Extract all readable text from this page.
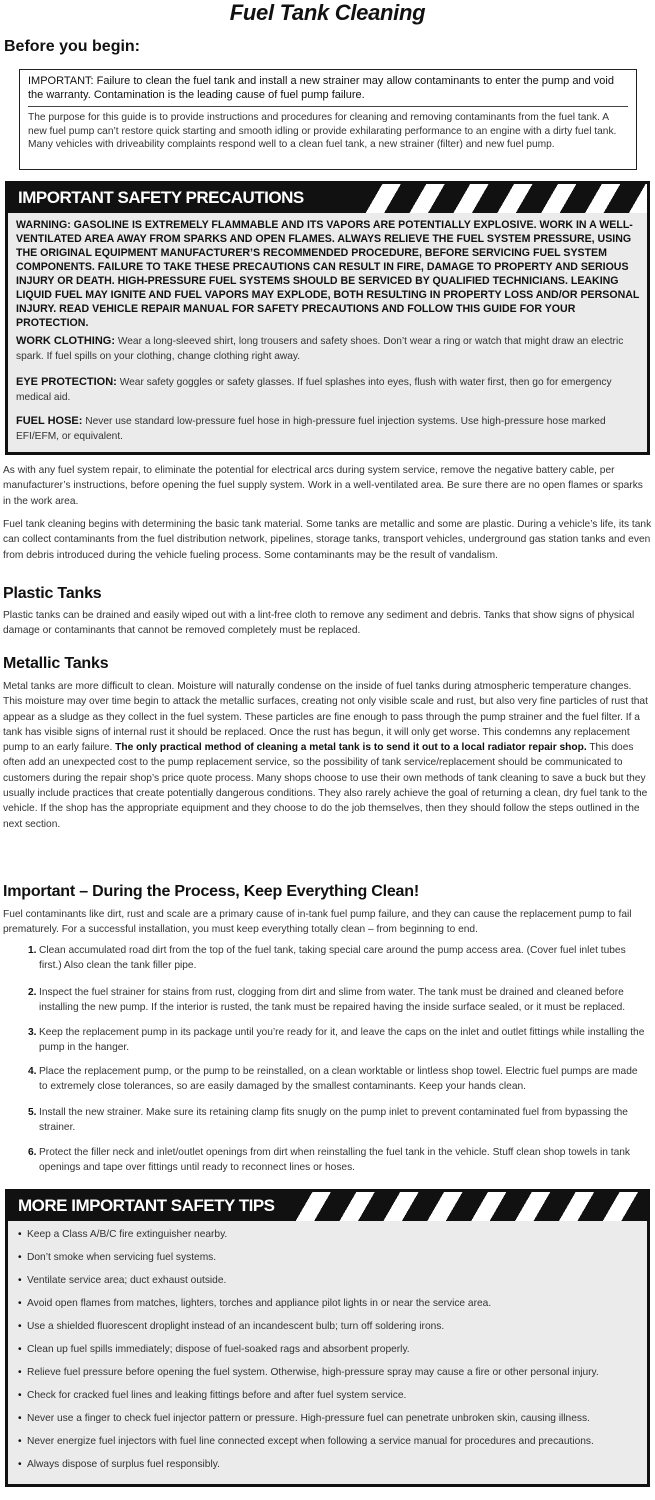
Fuel Tank Cleaning
Before you begin:
IMPORTANT: Failure to clean the fuel tank and install a new strainer may allow contaminants to enter the pump and void the warranty. Contamination is the leading cause of fuel pump failure.
The purpose for this guide is to provide instructions and procedures for cleaning and removing contaminants from the fuel tank. A new fuel pump can’t restore quick starting and smooth idling or provide exhilarating performance to an engine with a dirty fuel tank. Many vehicles with driveability complaints respond well to a clean fuel tank, a new strainer (filter) and new fuel pump.
IMPORTANT SAFETY PRECAUTIONS
WARNING: GASOLINE IS EXTREMELY FLAMMABLE AND ITS VAPORS ARE POTENTIALLY EXPLOSIVE. WORK IN A WELL-VENTILATED AREA AWAY FROM SPARKS AND OPEN FLAMES. ALWAYS RELIEVE THE FUEL SYSTEM PRESSURE, USING THE ORIGINAL EQUIPMENT MANUFACTURER’S RECOMMENDED PROCEDURE, BEFORE SERVICING FUEL SYSTEM COMPONENTS. FAILURE TO TAKE THESE PRECAUTIONS CAN RESULT IN FIRE, DAMAGE TO PROPERTY AND SERIOUS INJURY OR DEATH. HIGH-PRESSURE FUEL SYSTEMS SHOULD BE SERVICED BY QUALIFIED TECHNICIANS. LEAKING LIQUID FUEL MAY IGNITE AND FUEL VAPORS MAY EXPLODE, BOTH RESULTING IN PROPERTY LOSS AND/OR PERSONAL INJURY. READ VEHICLE REPAIR MANUAL FOR SAFETY PRECAUTIONS AND FOLLOW THIS GUIDE FOR YOUR PROTECTION.
WORK CLOTHING: Wear a long-sleeved shirt, long trousers and safety shoes. Don’t wear a ring or watch that might draw an electric spark. If fuel spills on your clothing, change clothing right away.
EYE PROTECTION: Wear safety goggles or safety glasses. If fuel splashes into eyes, flush with water first, then go for emergency medical aid.
FUEL HOSE: Never use standard low-pressure fuel hose in high-pressure fuel injection systems. Use high-pressure hose marked EFI/EFM, or equivalent.
As with any fuel system repair, to eliminate the potential for electrical arcs during system service, remove the negative battery cable, per manufacturer’s instructions, before opening the fuel supply system. Work in a well-ventilated area. Be sure there are no open flames or sparks in the work area.
Fuel tank cleaning begins with determining the basic tank material. Some tanks are metallic and some are plastic. During a vehicle’s life, its tank can collect contaminants from the fuel distribution network, pipelines, storage tanks, transport vehicles, underground gas station tanks and even from debris introduced during the vehicle fueling process. Some contaminants may be the result of vandalism.
Plastic Tanks
Plastic tanks can be drained and easily wiped out with a lint-free cloth to remove any sediment and debris. Tanks that show signs of physical damage or contaminants that cannot be removed completely must be replaced.
Metallic Tanks
Metal tanks are more difficult to clean. Moisture will naturally condense on the inside of fuel tanks during atmospheric temperature changes. This moisture may over time begin to attack the metallic surfaces, creating not only visible scale and rust, but also very fine particles of rust that appear as a sludge as they collect in the fuel system. These particles are fine enough to pass through the pump strainer and the fuel filter. If a tank has visible signs of internal rust it should be replaced. Once the rust has begun, it will only get worse. This condemns any replacement pump to an early failure. The only practical method of cleaning a metal tank is to send it out to a local radiator repair shop. This does often add an unexpected cost to the pump replacement service, so the possibility of tank service/replacement should be communicated to customers during the repair shop’s price quote process. Many shops choose to use their own methods of tank cleaning to save a buck but they usually include practices that create potentially dangerous conditions. They also rarely achieve the goal of returning a clean, dry fuel tank to the vehicle. If the shop has the appropriate equipment and they choose to do the job themselves, then they should follow the steps outlined in the next section.
Important – During the Process, Keep Everything Clean!
Fuel contaminants like dirt, rust and scale are a primary cause of in-tank fuel pump failure, and they can cause the replacement pump to fail prematurely. For a successful installation, you must keep everything totally clean – from beginning to end.
1. Clean accumulated road dirt from the top of the fuel tank, taking special care around the pump access area. (Cover fuel inlet tubes first.) Also clean the tank filler pipe.
2. Inspect the fuel strainer for stains from rust, clogging from dirt and slime from water. The tank must be drained and cleaned before installing the new pump. If the interior is rusted, the tank must be repaired having the inside surface sealed, or it must be replaced.
3. Keep the replacement pump in its package until you’re ready for it, and leave the caps on the inlet and outlet fittings while installing the pump in the hanger.
4. Place the replacement pump, or the pump to be reinstalled, on a clean worktable or lintless shop towel. Electric fuel pumps are made to extremely close tolerances, so are easily damaged by the smallest contaminants. Keep your hands clean.
5. Install the new strainer. Make sure its retaining clamp fits snugly on the pump inlet to prevent contaminated fuel from bypassing the strainer.
6. Protect the filler neck and inlet/outlet openings from dirt when reinstalling the fuel tank in the vehicle. Stuff clean shop towels in tank openings and tape over fittings until ready to reconnect lines or hoses.
MORE IMPORTANT SAFETY TIPS
• Keep a Class A/B/C fire extinguisher nearby.
• Don’t smoke when servicing fuel systems.
• Ventilate service area; duct exhaust outside.
• Avoid open flames from matches, lighters, torches and appliance pilot lights in or near the service area.
• Use a shielded fluorescent droplight instead of an incandescent bulb; turn off soldering irons.
• Clean up fuel spills immediately; dispose of fuel-soaked rags and absorbent properly.
• Relieve fuel pressure before opening the fuel system. Otherwise, high-pressure spray may cause a fire or other personal injury.
• Check for cracked fuel lines and leaking fittings before and after fuel system service.
• Never use a finger to check fuel injector pattern or pressure. High-pressure fuel can penetrate unbroken skin, causing illness.
• Never energize fuel injectors with fuel line connected except when following a service manual for procedures and precautions.
• Always dispose of surplus fuel responsibly.
